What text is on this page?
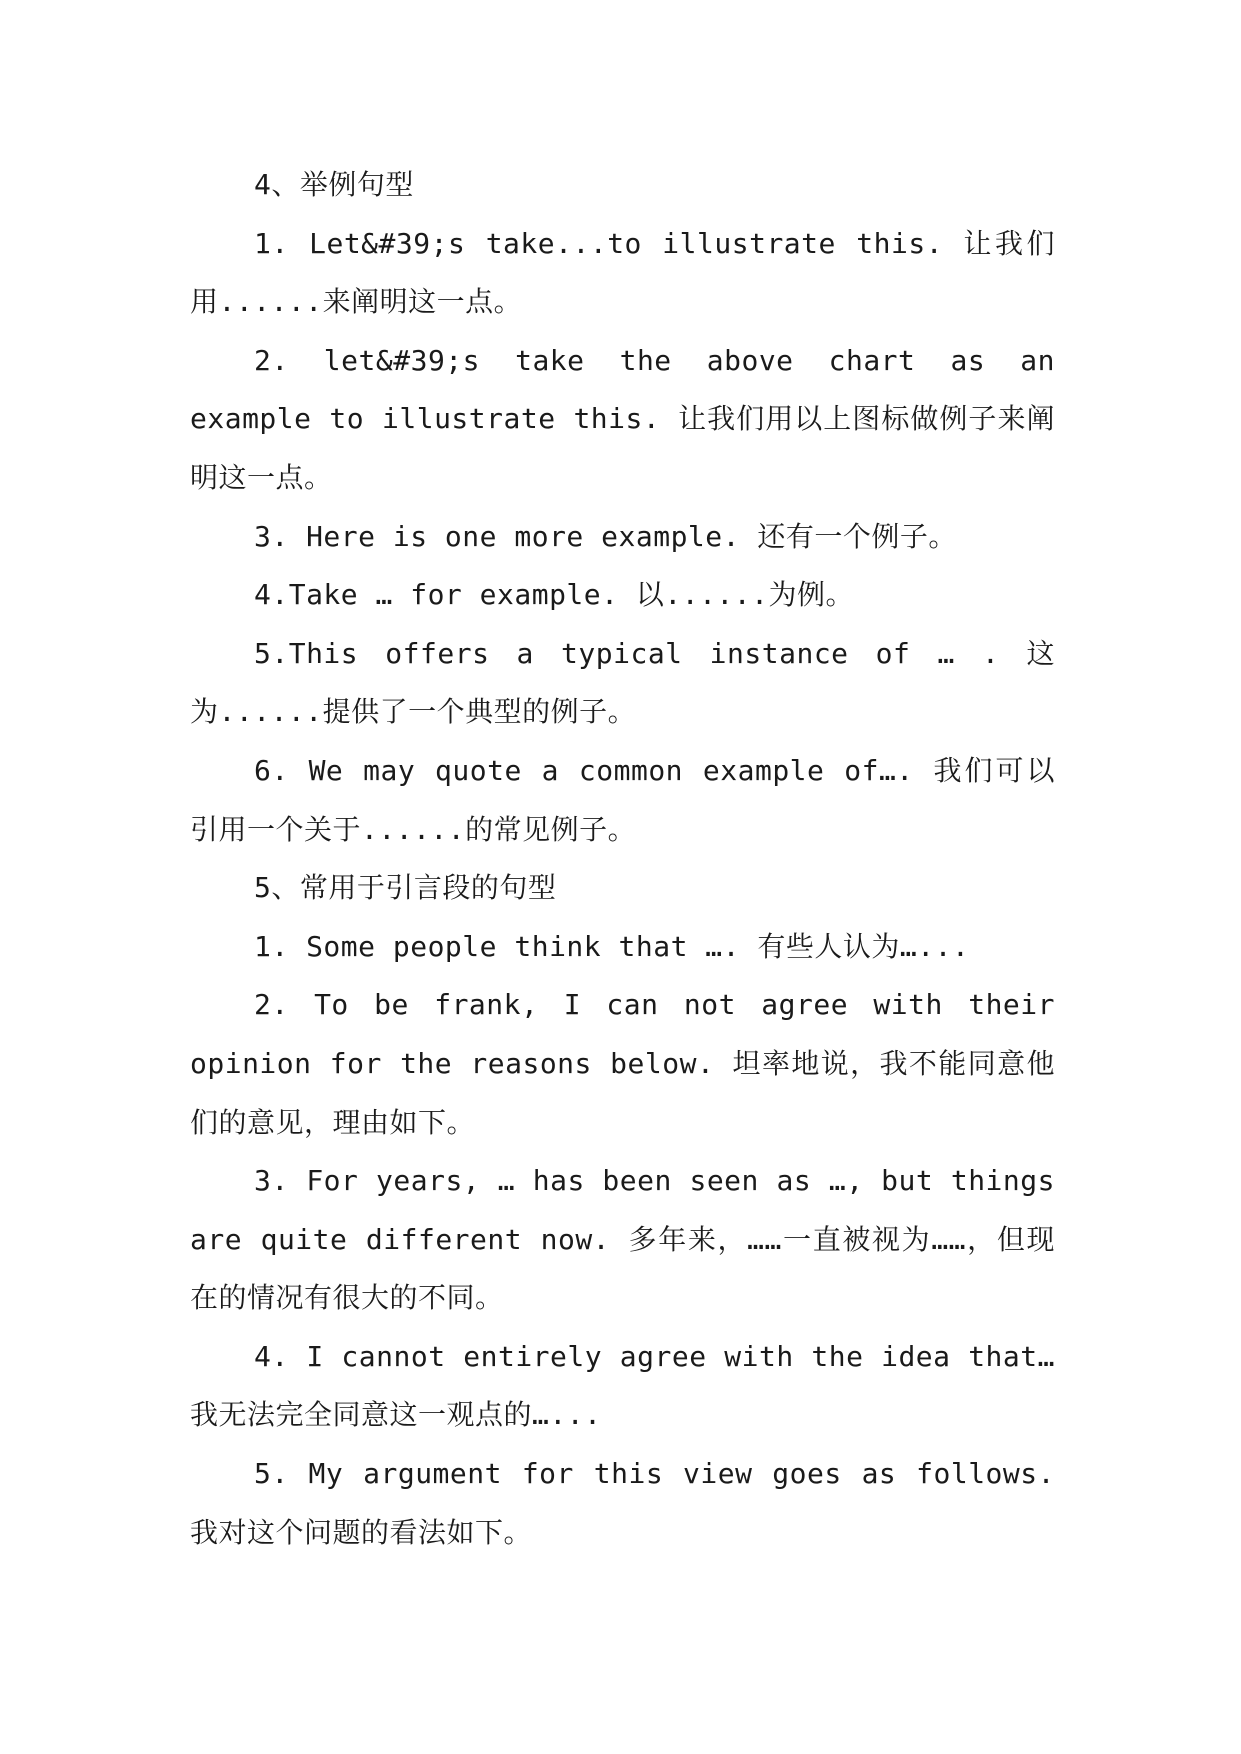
4、举例句型

1. Let&#39;s take...to illustrate this. 让我们用......来阐明这一点。

2. let&#39;s take the above chart as an example to illustrate this. 让我们用以上图标做例子来阐明这一点。

3. Here is one more example. 还有一个例子。

4.Take … for example. 以......为例。

5.This offers a typical instance of … . 这为......提供了一个典型的例子。

6. We may quote a common example of…. 我们可以引用一个关于......的常见例子。

5、常用于引言段的句型

1. Some people think that …. 有些人认为…...

2. To be frank, I can not agree with their opinion for the reasons below. 坦率地说，我不能同意他们的意见，理由如下。

3. For years, … has been seen as …, but things are quite different now. 多年来，……一直被视为……，但现在的情况有很大的不同。

4. I cannot entirely agree with the idea that… 我无法完全同意这一观点的…...

5. My argument for this view goes as follows. 我对这个问题的看法如下。
